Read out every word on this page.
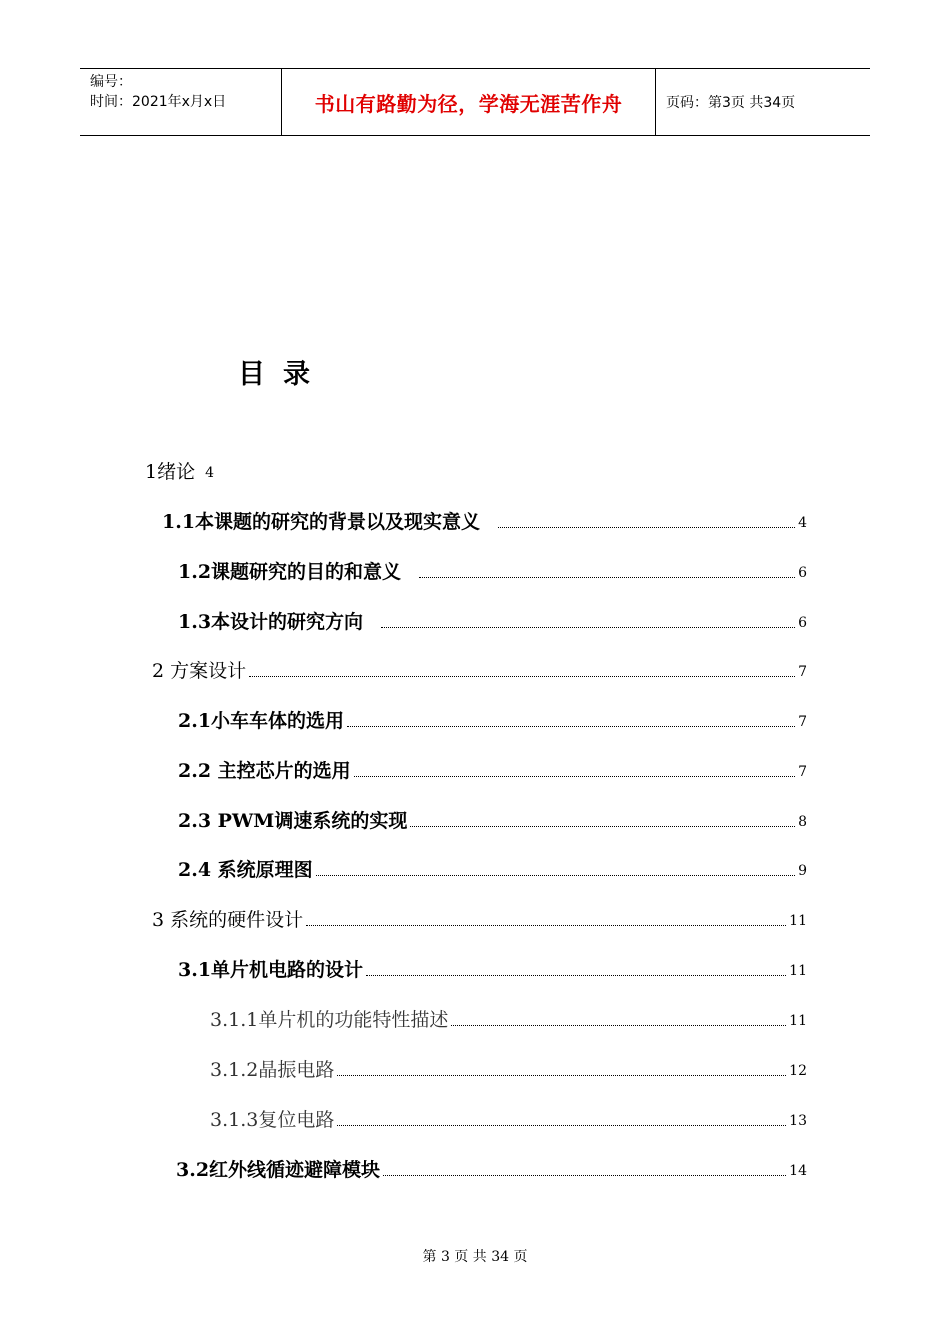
编号：
时间：2021年x月x日	书山有路勤为径，学海无涯苦作舟	页码：第3页 共34页
目录
1绪论 4
1.1本课题的研究的背景以及现实意义	4
1.2课题研究的目的和意义	6
1.3本设计的研究方向	6
2 方案设计	7
2.1小车车体的选用	7
2.2 主控芯片的选用	7
2.3 PWM调速系统的实现	8
2.4 系统原理图	9
3 系统的硬件设计	11
3.1单片机电路的设计	11
3.1.1单片机的功能特性描述	11
3.1.2晶振电路	12
3.1.3复位电路	13
3.2红外线循迹避障模块	14
第 3 页 共 34 页
